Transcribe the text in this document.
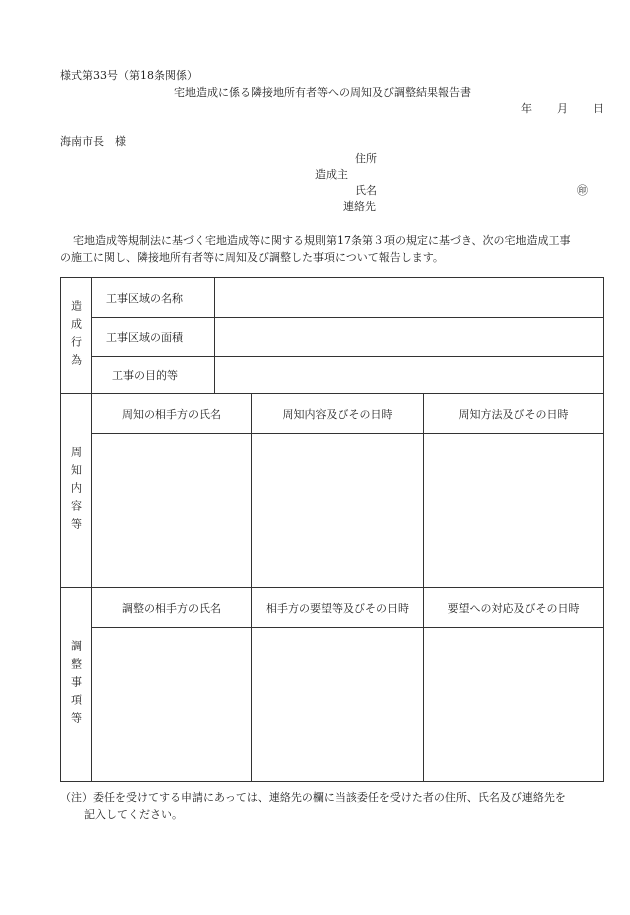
様式第33号（第18条関係）
宅地造成に係る隣接地所有者等への周知及び調整結果報告書
年 月 日
海南市長　様
住所
造成主
氏名	㊞
連絡先
宅地造成等規制法に基づく宅地造成等に関する規則第17条第３項の規定に基づき、次の宅地造成工事
の施工に関し、隣接地所有者等に周知及び調整した事項について報告します。
造成行為	工事区域の名称			
	工事区域の面積			
	工事の目的等			

周知内容等	周知の相手方の氏名		周知内容及びその日時	周知方法及びその日時

調整事項等	調整の相手方の氏名		相手方の要望等及びその日時	要望への対応及びその日時

（注）委任を受けてする申請にあっては、連絡先の欄に当該委任を受けた者の住所、氏名及び連絡先を
記入してください。
